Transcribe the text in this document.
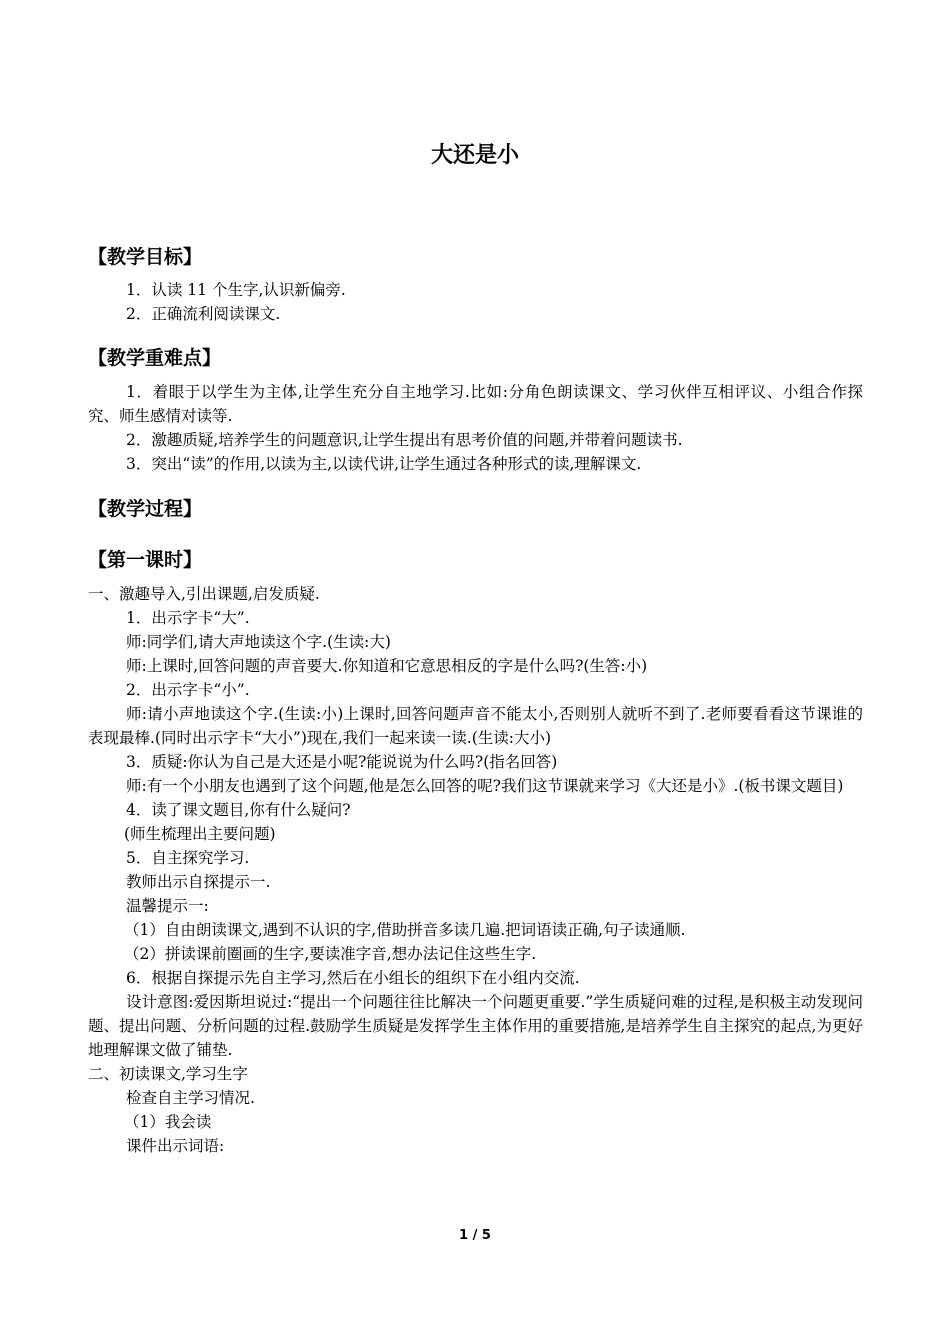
大还是小
【教学目标】

1．认读 11 个生字,认识新偏旁.

2．正确流利阅读课文.

【教学重难点】

1．着眼于以学生为主体,让学生充分自主地学习.比如:分角色朗读课文、学习伙伴互相评议、小组合作探究、师生感情对读等.

2．激趣质疑,培养学生的问题意识,让学生提出有思考价值的问题,并带着问题读书.

3．突出“读”的作用,以读为主,以读代讲,让学生通过各种形式的读,理解课文.

【教学过程】
【第一课时】

一、激趣导入,引出课题,启发质疑.

1．出示字卡“大”.

师:同学们,请大声地读这个字.(生读:大)

师:上课时,回答问题的声音要大.你知道和它意思相反的字是什么吗?(生答:小)

2．出示字卡“小”.

师:请小声地读这个字.(生读:小)上课时,回答问题声音不能太小,否则别人就听不到了.老师要看看这节课谁的表现最棒.(同时出示字卡“大小”)现在,我们一起来读一读.(生读:大小)

3．质疑:你认为自己是大还是小呢?能说说为什么吗?(指名回答)

师:有一个小朋友也遇到了这个问题,他是怎么回答的呢?我们这节课就来学习《大还是小》.(板书课文题目)

4．读了课文题目,你有什么疑问?

(师生梳理出主要问题)

5．自主探究学习.

教师出示自探提示一.

温馨提示一:

（1）自由朗读课文,遇到不认识的字,借助拼音多读几遍.把词语读正确,句子读通顺.

（2）拼读课前圈画的生字,要读准字音,想办法记住这些生字.

6．根据自探提示先自主学习,然后在小组长的组织下在小组内交流.

设计意图:爱因斯坦说过:“提出一个问题往往比解决一个问题更重要.”学生质疑问难的过程,是积极主动发现问题、提出问题、分析问题的过程.鼓励学生质疑是发挥学生主体作用的重要措施,是培养学生自主探究的起点,为更好地理解课文做了铺垫.

二、初读课文,学习生字

检查自主学习情况.

（1）我会读

课件出示词语:

1 / 5
